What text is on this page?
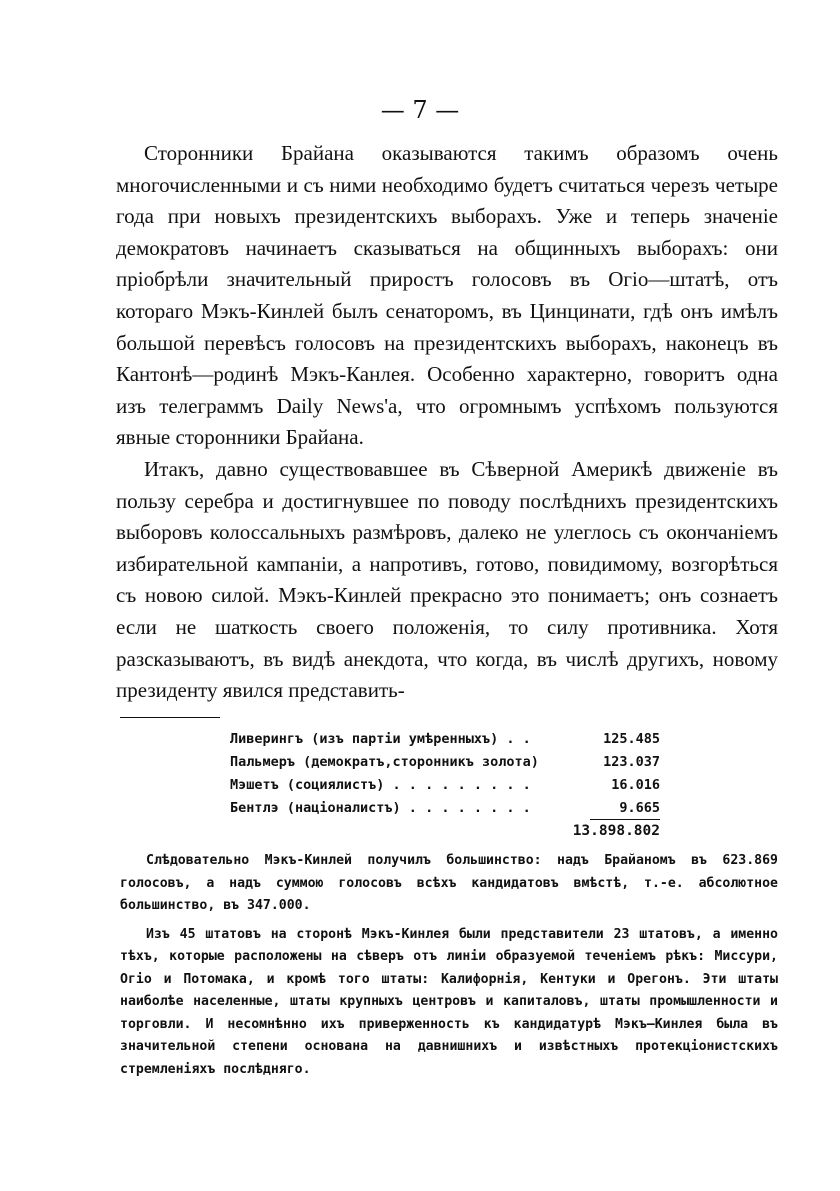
— 7 —

Сторонники Брайана оказываются такимъ образомъ очень многочисленными и съ ними необходимо будетъ считаться черезъ четыре года при новыхъ президентскихъ выборахъ. Уже и теперь значенiе демократовъ начинаетъ сказываться на общинныхъ выборахъ: они прiобрѣли значительный приростъ голосовъ въ Огiо—штатѣ, отъ котораго Мэкъ-Кинлей былъ сенаторомъ, въ Цинцинати, гдѣ онъ имѣлъ большой перевѣсъ голосовъ на президентскихъ выборахъ, наконецъ въ Кантонѣ—родинѣ Мэкъ-Канлея. Особенно характерно, говоритъ одна изъ телеграммъ Daily News'а, что огромнымъ успѣхомъ пользуются явные сторонники Брайана.

Итакъ, давно существовавшее въ Сѣверной Америкѣ движенiе въ пользу серебра и достигнувшее по поводу послѣднихъ президентскихъ выборовъ колоссальныхъ размѣровъ, далеко не улеглось съ окончанiемъ избирательной кампанiи, а напротивъ, готово, повидимому, возгорѣться съ новою силой. Мэкъ-Кинлей прекрасно это понимаетъ; онъ сознаетъ если не шаткость своего положенiя, то силу противника. Хотя разсказываютъ, въ видѣ анекдота, что когда, въ числѣ другихъ, новому президенту явился представить-

Ливерингъ (изъ партiи умѣренныхъ) . .	125.485
Пальмеръ (демократъ,сторонникъ золота)	123.037
Мэшетъ (социялистъ) . . . . . . . . .	16.016
Бентлэ (нацiоналистъ) . . . . . . . .	9.665
13.898.802

Слѣдовательно Мэкъ-Кинлей получилъ большинство: надъ Брайаномъ въ 623.869 голосовъ, а надъ суммою голосовъ всѣхъ кандидатовъ вмѣстѣ, т.-е. абсолютное большинство, въ 347.000.

Изъ 45 штатовъ на сторонѣ Мэкъ-Кинлея были представители 23 штатовъ, а именно тѣхъ, которые расположены на сѣверъ отъ линiи образуемой теченiемъ рѣкъ: Миссури, Огiо и Потомака, и кромѣ того штаты: Калифорнiя, Кентуки и Орегонъ. Эти штаты наиболѣе населенные, штаты крупныхъ центровъ и капиталовъ, штаты промышленности и торговли. И несомнѣнно ихъ приверженность къ кандидатурѣ Мэкъ—Кинлея была въ значительной степени основана на давнишнихъ и извѣстныхъ протекцiонистскихъ стремленiяхъ послѣдняго.
